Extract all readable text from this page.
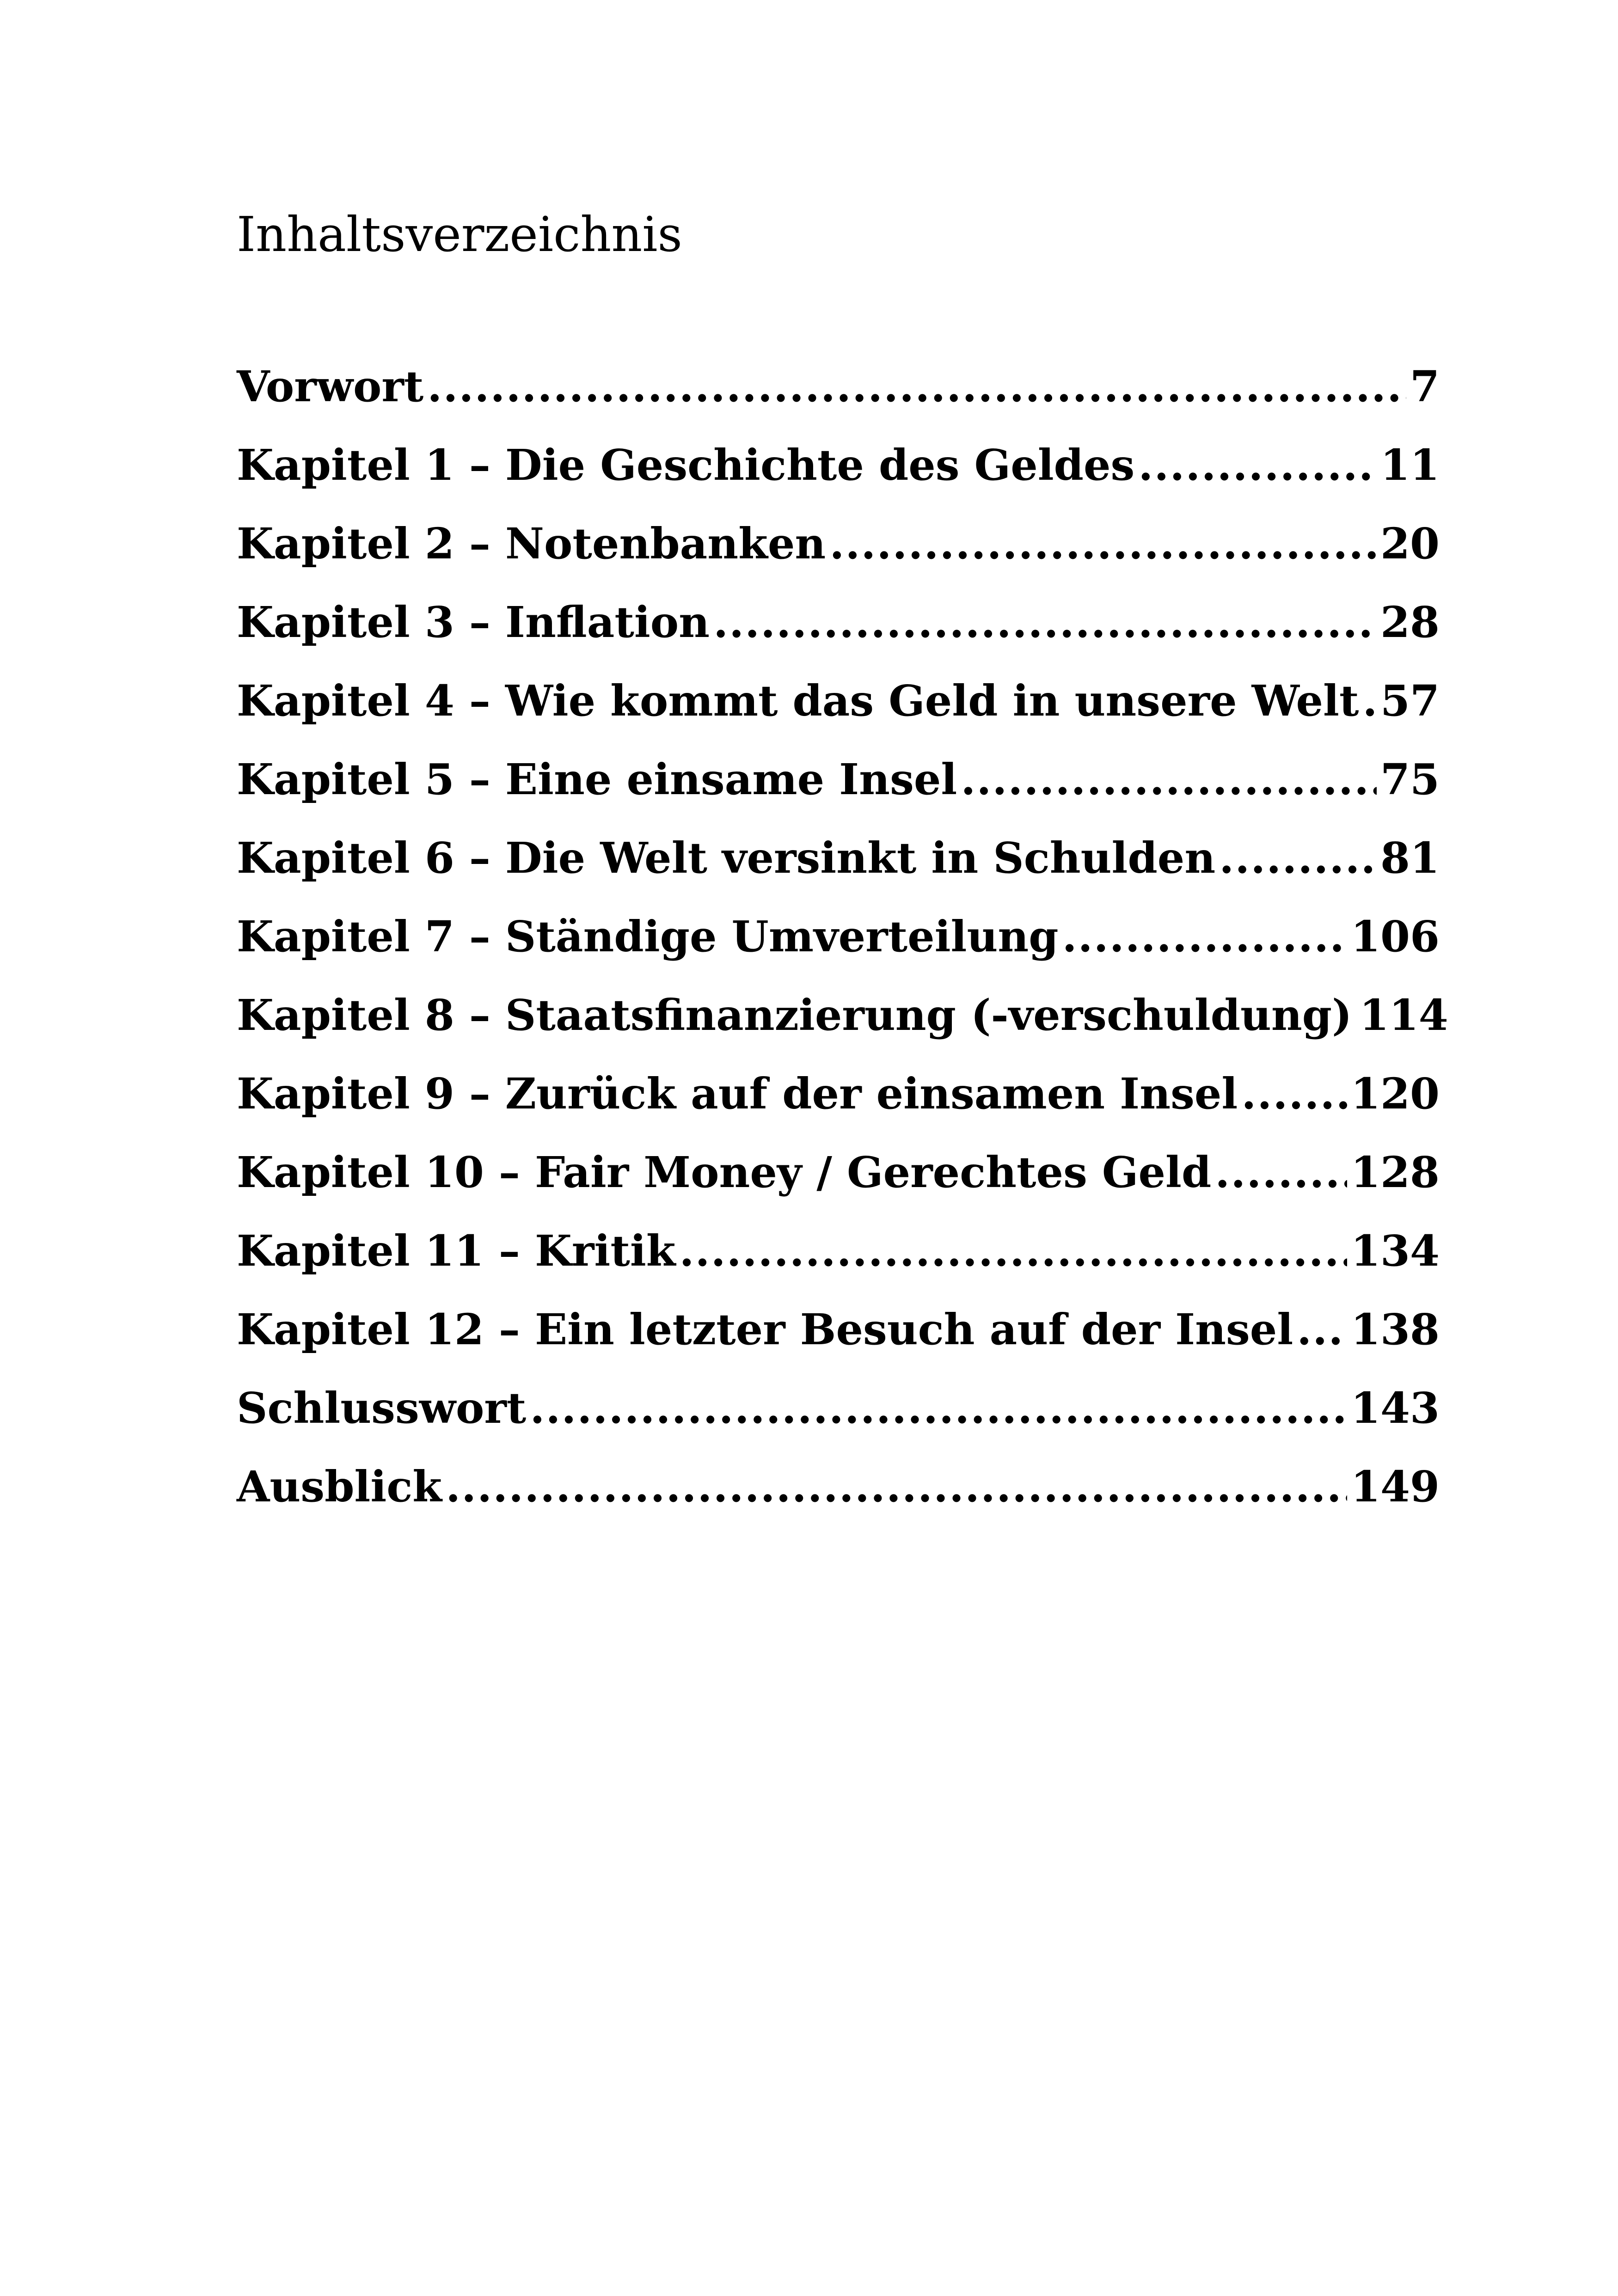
Inhaltsverzeichnis
Vorwort .....	7
Kapitel 1 – Die Geschichte des Geldes .....	11
Kapitel 2 – Notenbanken .....	20
Kapitel 3 – Inflation .....	28
Kapitel 4 – Wie kommt das Geld in unsere Welt ..... 57
Kapitel 5 – Eine einsame Insel .....	75
Kapitel 6 – Die Welt versinkt in Schulden .....	81
Kapitel 7 – Ständige Umverteilung .....	106
Kapitel 8 – Staatsfinanzierung (-verschuldung) 114
Kapitel 9 – Zurück auf der einsamen Insel .....	120
Kapitel 10 – Fair Money / Gerechtes Geld .....	128
Kapitel 11 – Kritik .....	134
Kapitel 12 – Ein letzter Besuch auf der Insel ..... 138
Schlusswort .....	143
Ausblick .....	149
